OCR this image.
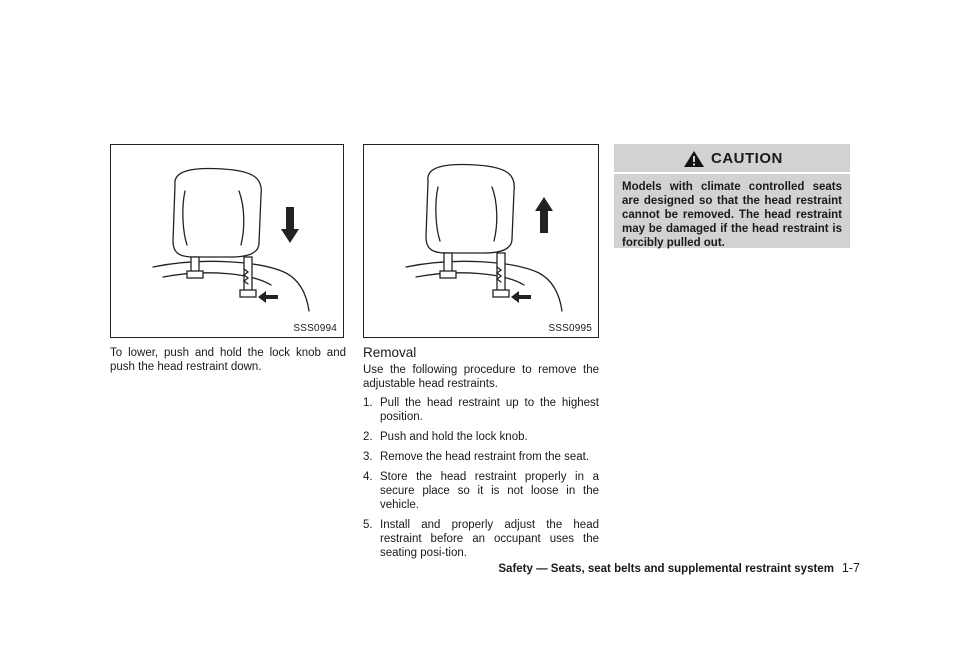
SSS0994
To lower, push and hold the lock knob and push the head restraint down.
SSS0995
Removal
Use the following procedure to remove the adjustable head restraints.
1. Pull the head restraint up to the highest position.
2. Push and hold the lock knob.
3. Remove the head restraint from the seat.
4. Store the head restraint properly in a secure place so it is not loose in the vehicle.
5. Install and properly adjust the head restraint before an occupant uses the seating posi-tion.
CAUTION
Models with climate controlled seats are designed so that the head restraint cannot be removed. The head restraint may be damaged if the head restraint is forcibly pulled out.
Safety — Seats, seat belts and supplemental restraint system 1-7
